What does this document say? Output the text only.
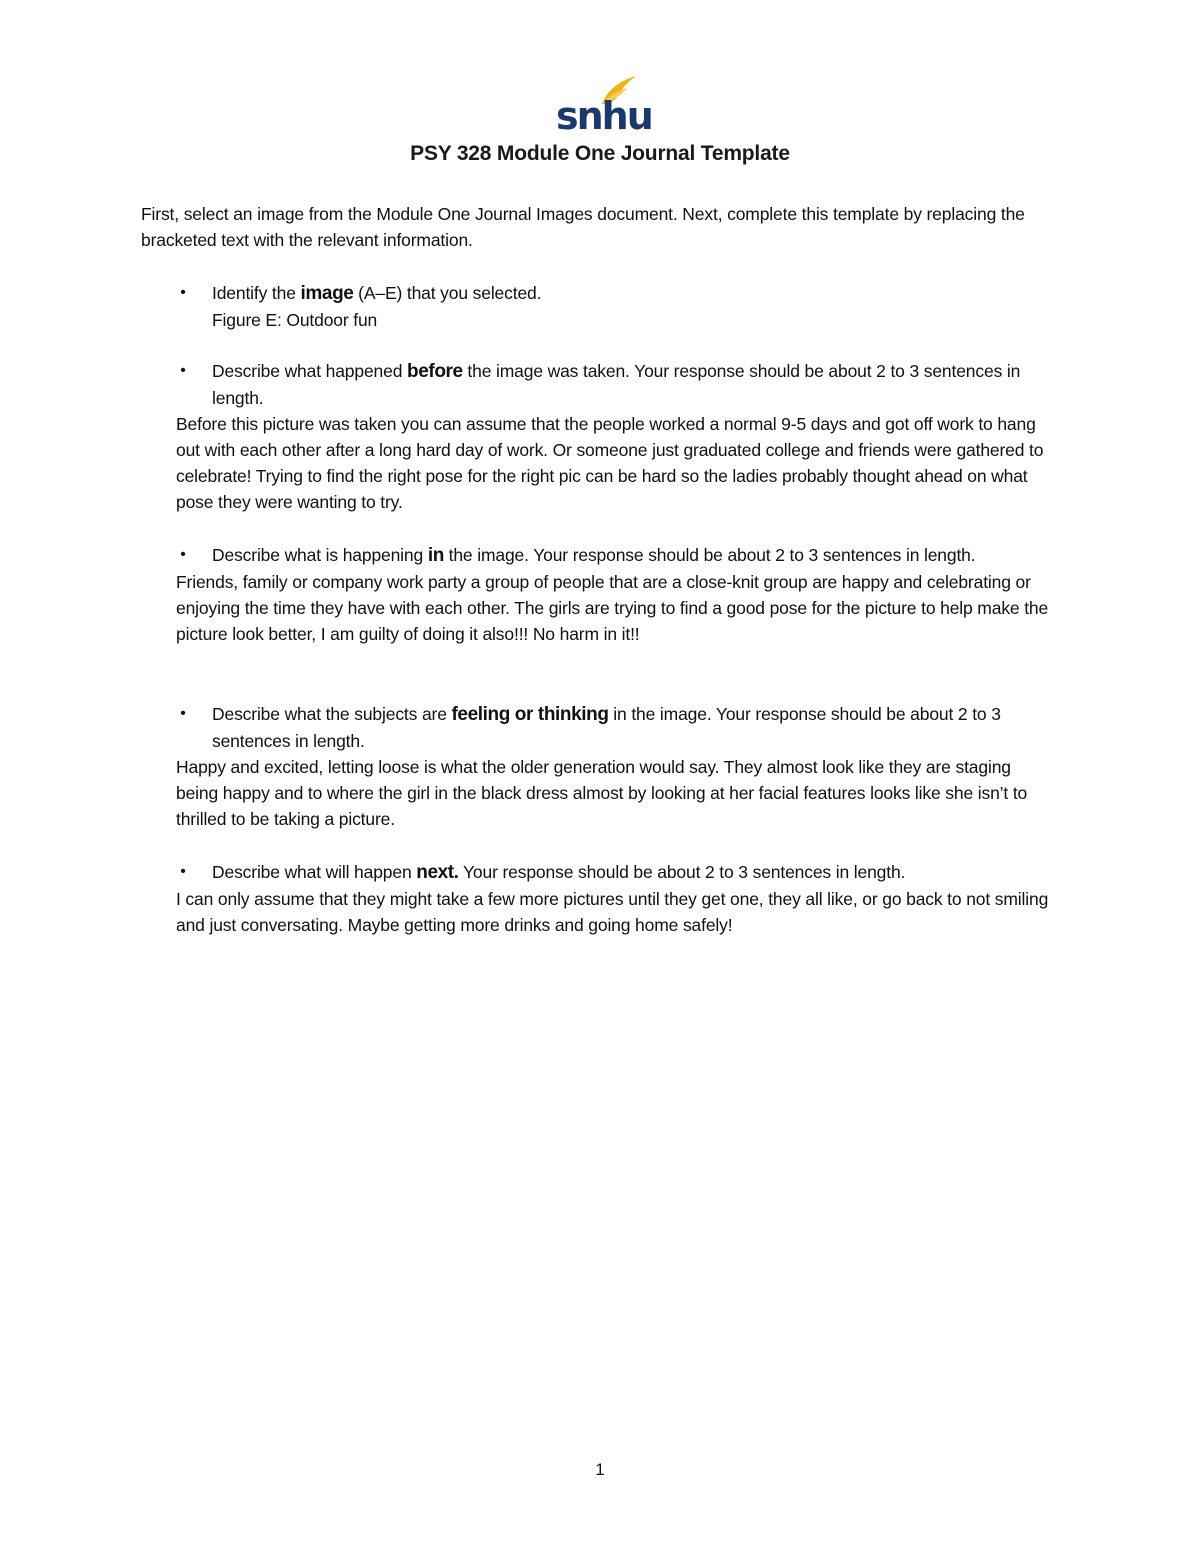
snhu
PSY 328 Module One Journal Template
First, select an image from the Module One Journal Images document. Next, complete this template by replacing the bracketed text with the relevant information.
• Identify the image (A–E) that you selected.
Figure E: Outdoor fun
• Describe what happened before the image was taken. Your response should be about 2 to 3 sentences in length.
Before this picture was taken you can assume that the people worked a normal 9-5 days and got off work to hang out with each other after a long hard day of work. Or someone just graduated college and friends were gathered to celebrate! Trying to find the right pose for the right pic can be hard so the ladies probably thought ahead on what pose they were wanting to try.
• Describe what is happening in the image. Your response should be about 2 to 3 sentences in length.
Friends, family or company work party a group of people that are a close-knit group are happy and celebrating or enjoying the time they have with each other. The girls are trying to find a good pose for the picture to help make the picture look better, I am guilty of doing it also!!! No harm in it!!
• Describe what the subjects are feeling or thinking in the image. Your response should be about 2 to 3 sentences in length.
Happy and excited, letting loose is what the older generation would say. They almost look like they are staging being happy and to where the girl in the black dress almost by looking at her facial features looks like she isn’t to thrilled to be taking a picture.
• Describe what will happen next. Your response should be about 2 to 3 sentences in length.
I can only assume that they might take a few more pictures until they get one, they all like, or go back to not smiling and just conversating. Maybe getting more drinks and going home safely!
1
